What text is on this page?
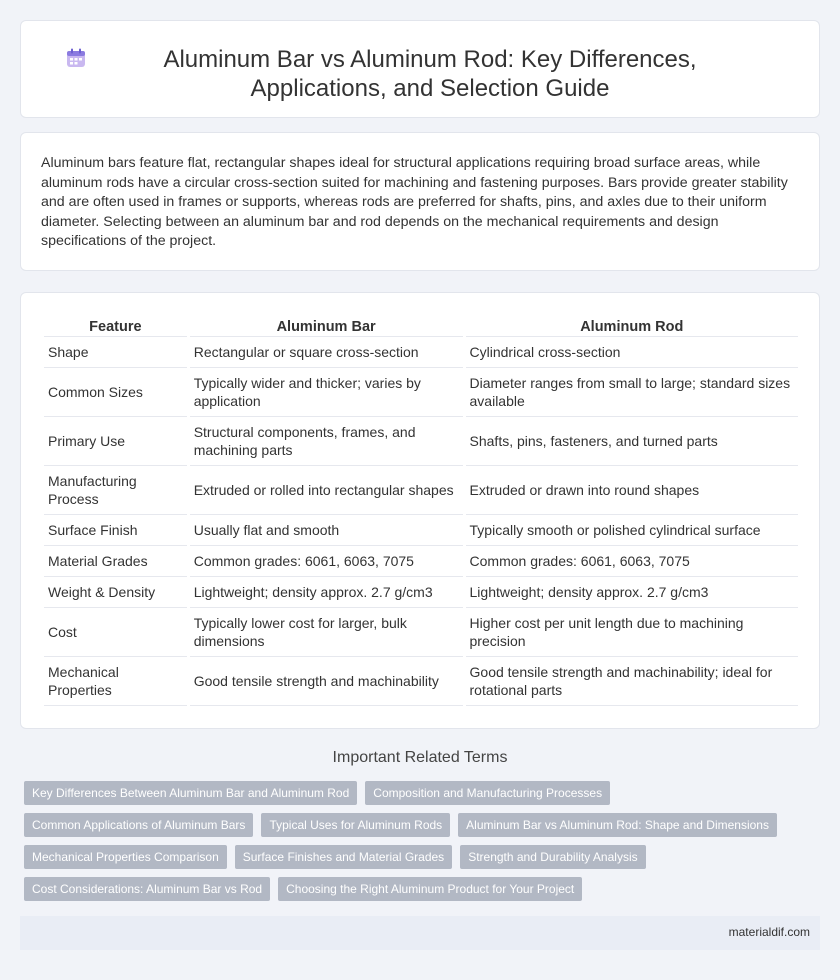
Aluminum Bar vs Aluminum Rod: Key Differences, Applications, and Selection Guide

Aluminum bars feature flat, rectangular shapes ideal for structural applications requiring broad surface areas, while aluminum rods have a circular cross-section suited for machining and fastening purposes. Bars provide greater stability and are often used in frames or supports, whereas rods are preferred for shafts, pins, and axles due to their uniform diameter. Selecting between an aluminum bar and rod depends on the mechanical requirements and design specifications of the project.

Feature	Aluminum Bar	Aluminum Rod
Shape	Rectangular or square cross-section	Cylindrical cross-section
Common Sizes	Typically wider and thicker; varies by application	Diameter ranges from small to large; standard sizes available
Primary Use	Structural components, frames, and machining parts	Shafts, pins, fasteners, and turned parts
Manufacturing Process	Extruded or rolled into rectangular shapes	Extruded or drawn into round shapes
Surface Finish	Usually flat and smooth	Typically smooth or polished cylindrical surface
Material Grades	Common grades: 6061, 6063, 7075	Common grades: 6061, 6063, 7075
Weight & Density	Lightweight; density approx. 2.7 g/cm3	Lightweight; density approx. 2.7 g/cm3
Cost	Typically lower cost for larger, bulk dimensions	Higher cost per unit length due to machining precision
Mechanical Properties	Good tensile strength and machinability	Good tensile strength and machinability; ideal for rotational parts
Important Related Terms
Key Differences Between Aluminum Bar and Aluminum Rod	Composition and Manufacturing Processes
Common Applications of Aluminum Bars	Typical Uses for Aluminum Rods	Aluminum Bar vs Aluminum Rod: Shape and Dimensions
Mechanical Properties Comparison	Surface Finishes and Material Grades	Strength and Durability Analysis
Cost Considerations: Aluminum Bar vs Rod	Choosing the Right Aluminum Product for Your Project
materialdif.com
